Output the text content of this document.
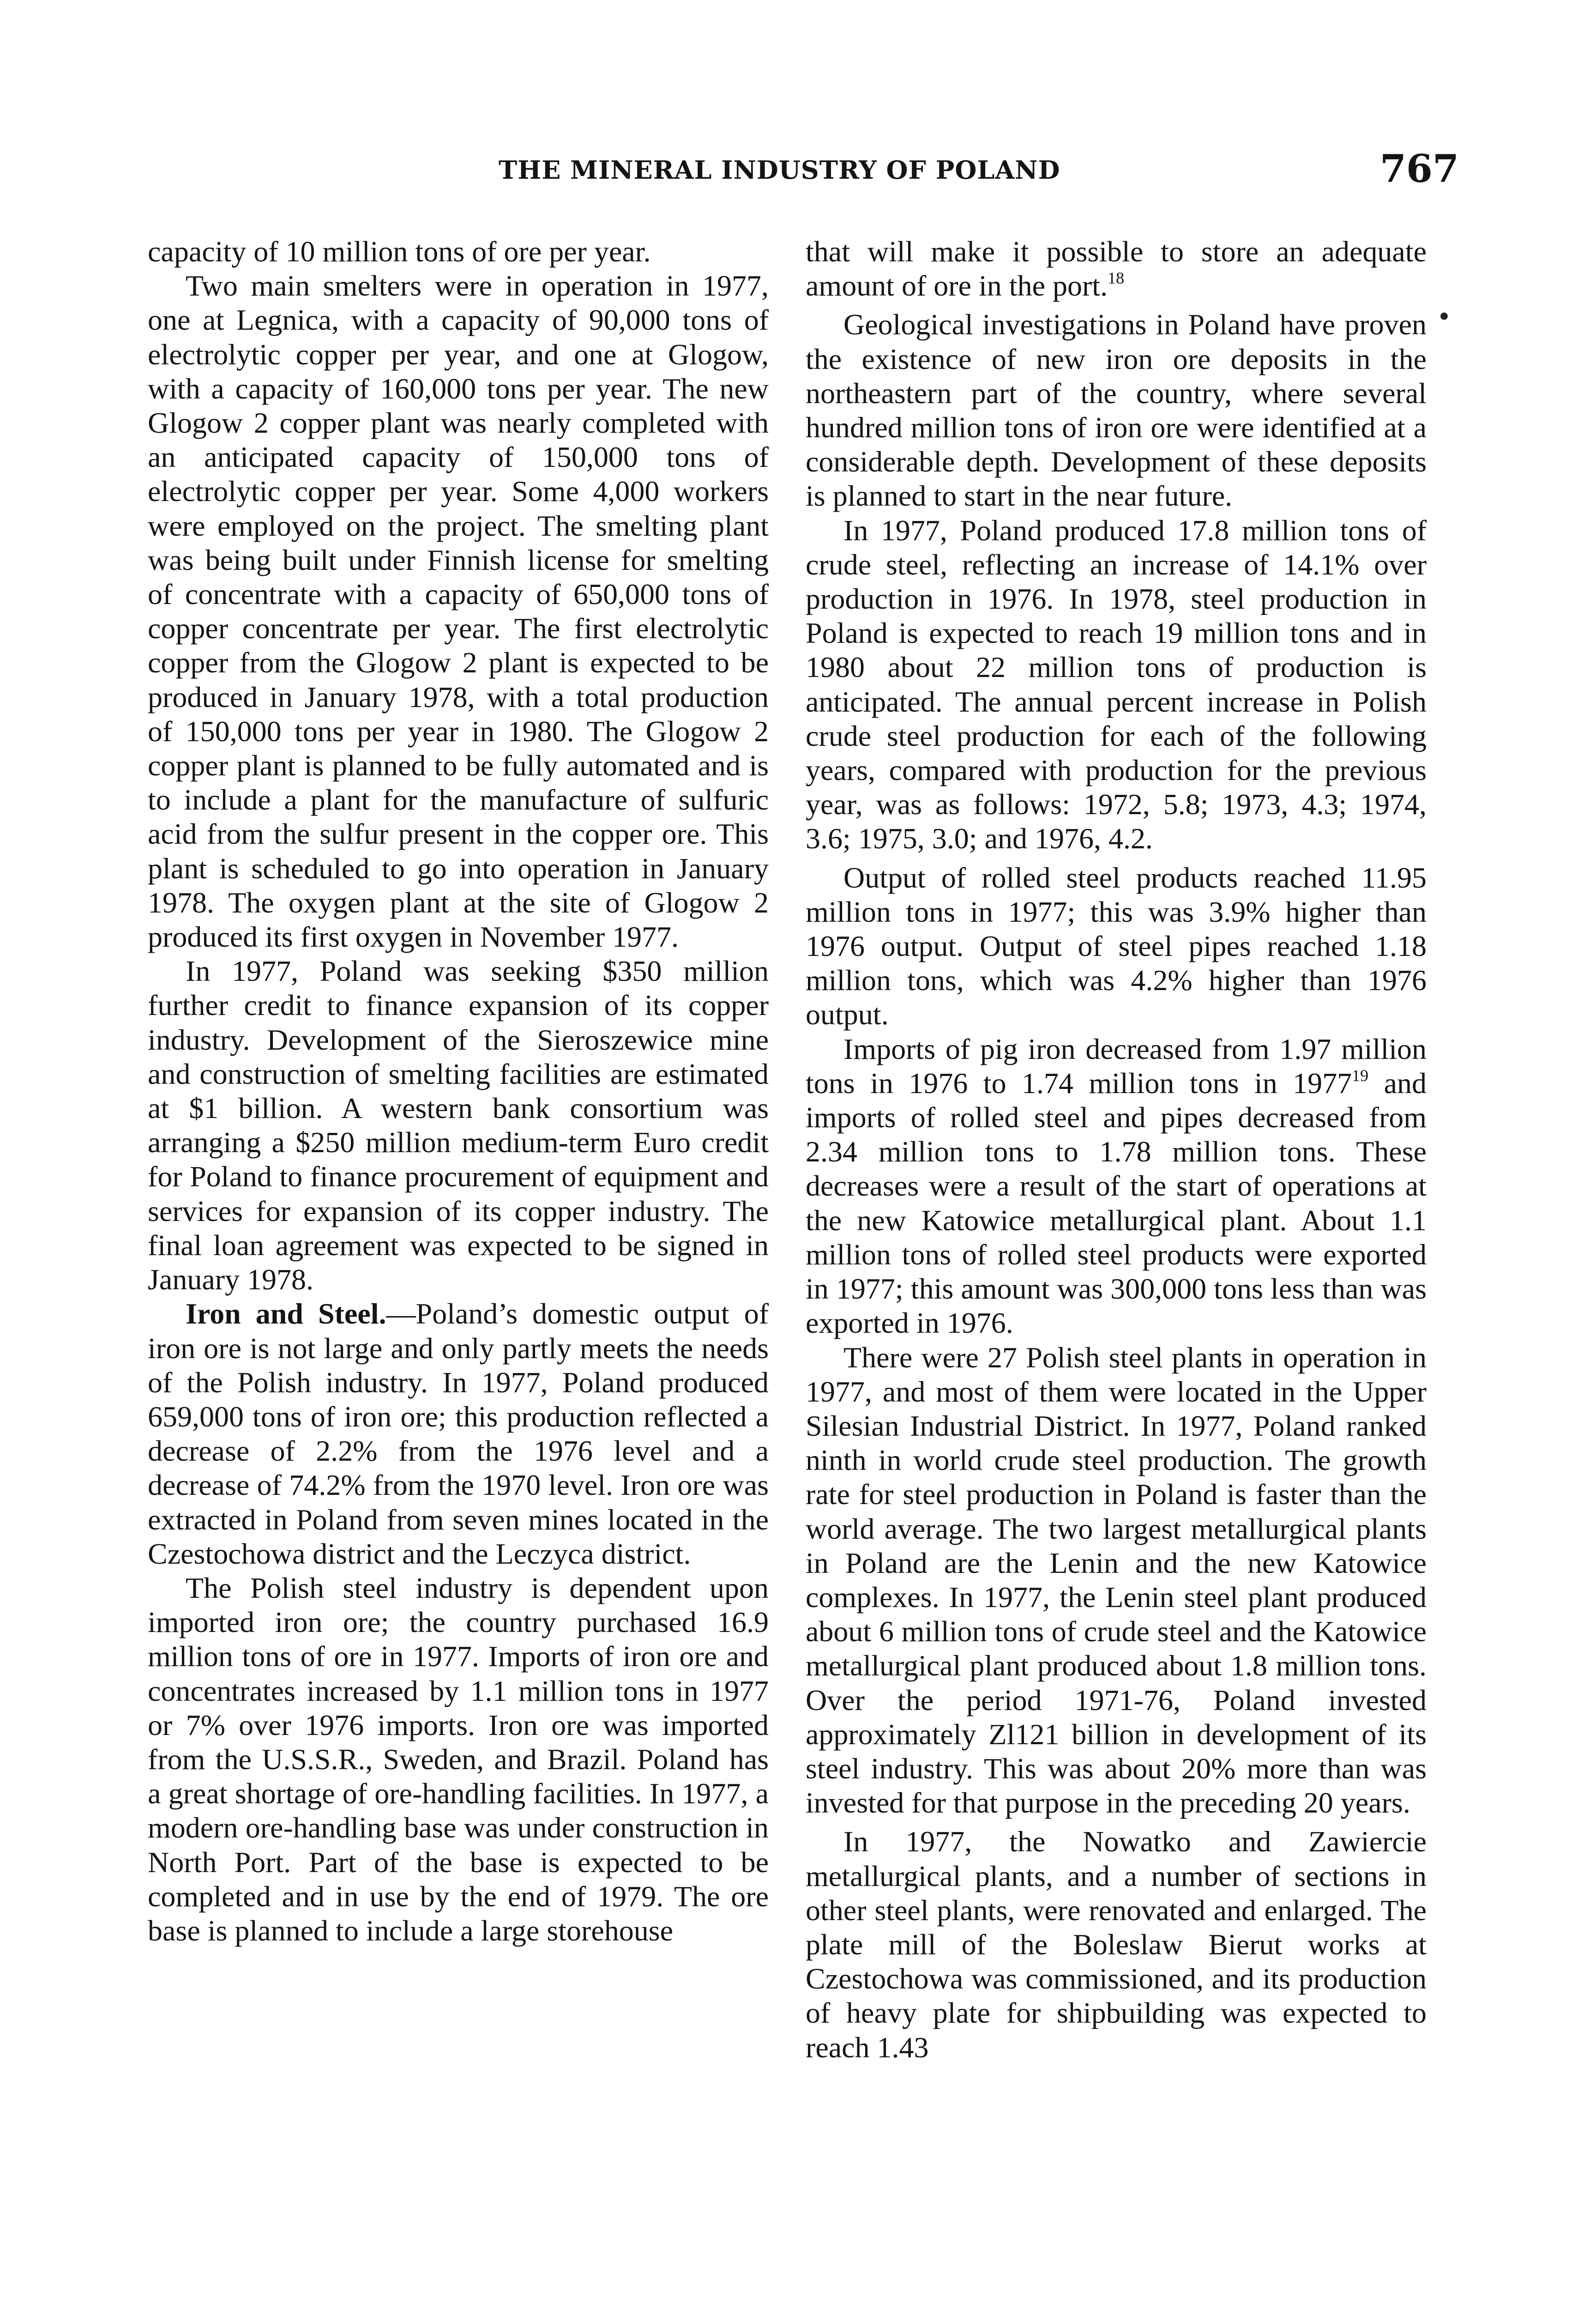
THE MINERAL INDUSTRY OF POLAND	767

capacity of 10 million tons of ore per year.

Two main smelters were in operation in 1977, one at Legnica, with a capacity of 90,000 tons of electrolytic copper per year, and one at Glogow, with a capacity of 160,000 tons per year. The new Glogow 2 copper plant was nearly completed with an anticipated capacity of 150,000 tons of electrolytic copper per year. Some 4,000 workers were employed on the project. The smelting plant was being built under Finnish license for smelting of concentrate with a capacity of 650,000 tons of copper concentrate per year. The first electrolytic copper from the Glogow 2 plant is expected to be produced in January 1978, with a total production of 150,000 tons per year in 1980. The Glogow 2 copper plant is planned to be fully automated and is to include a plant for the manufacture of sulfuric acid from the sulfur present in the copper ore. This plant is scheduled to go into operation in January 1978. The oxygen plant at the site of Glogow 2 produced its first oxygen in November 1977.

In 1977, Poland was seeking $350 million further credit to finance expansion of its copper industry. Development of the Sieroszewice mine and construction of smelting facilities are estimated at $1 billion. A western bank consortium was arranging a $250 million medium-term Euro credit for Poland to finance procurement of equipment and services for expansion of its copper industry. The final loan agreement was expected to be signed in January 1978.

Iron and Steel.—Poland’s domestic output of iron ore is not large and only partly meets the needs of the Polish industry. In 1977, Poland produced 659,000 tons of iron ore; this production reflected a decrease of 2.2% from the 1976 level and a decrease of 74.2% from the 1970 level. Iron ore was extracted in Poland from seven mines located in the Czestochowa district and the Leczyca district.

The Polish steel industry is dependent upon imported iron ore; the country purchased 16.9 million tons of ore in 1977. Imports of iron ore and concentrates increased by 1.1 million tons in 1977 or 7% over 1976 imports. Iron ore was imported from the U.S.S.R., Sweden, and Brazil. Poland has a great shortage of ore-handling facilities. In 1977, a modern ore-handling base was under construction in North Port. Part of the base is expected to be completed and in use by the end of 1979. The ore base is planned to include a large storehouse

that will make it possible to store an adequate amount of ore in the port.$^{18}$

Geological investigations in Poland have proven the existence of new iron ore deposits in the northeastern part of the country, where several hundred million tons of iron ore were identified at a considerable depth. Development of these deposits is planned to start in the near future.

In 1977, Poland produced 17.8 million tons of crude steel, reflecting an increase of 14.1% over production in 1976. In 1978, steel production in Poland is expected to reach 19 million tons and in 1980 about 22 million tons of production is anticipated. The annual percent increase in Polish crude steel production for each of the following years, compared with production for the previous year, was as follows: 1972, 5.8; 1973, 4.3; 1974, 3.6; 1975, 3.0; and 1976, 4.2.

Output of rolled steel products reached 11.95 million tons in 1977; this was 3.9% higher than 1976 output. Output of steel pipes reached 1.18 million tons, which was 4.2% higher than 1976 output.

Imports of pig iron decreased from 1.97 million tons in 1976 to 1.74 million tons in 1977$^{19}$ and imports of rolled steel and pipes decreased from 2.34 million tons to 1.78 million tons. These decreases were a result of the start of operations at the new Katowice metallurgical plant. About 1.1 million tons of rolled steel products were exported in 1977; this amount was 300,000 tons less than was exported in 1976.

There were 27 Polish steel plants in operation in 1977, and most of them were located in the Upper Silesian Industrial District. In 1977, Poland ranked ninth in world crude steel production. The growth rate for steel production in Poland is faster than the world average. The two largest metallurgical plants in Poland are the Lenin and the new Katowice complexes. In 1977, the Lenin steel plant produced about 6 million tons of crude steel and the Katowice metallurgical plant produced about 1.8 million tons. Over the period 1971-76, Poland invested approximately Zl121 billion in development of its steel industry. This was about 20% more than was invested for that purpose in the preceding 20 years.

In 1977, the Nowatko and Zawiercie metallurgical plants, and a number of sections in other steel plants, were renovated and enlarged. The plate mill of the Boleslaw Bierut works at Czestochowa was commissioned, and its production of heavy plate for shipbuilding was expected to reach 1.43

•
